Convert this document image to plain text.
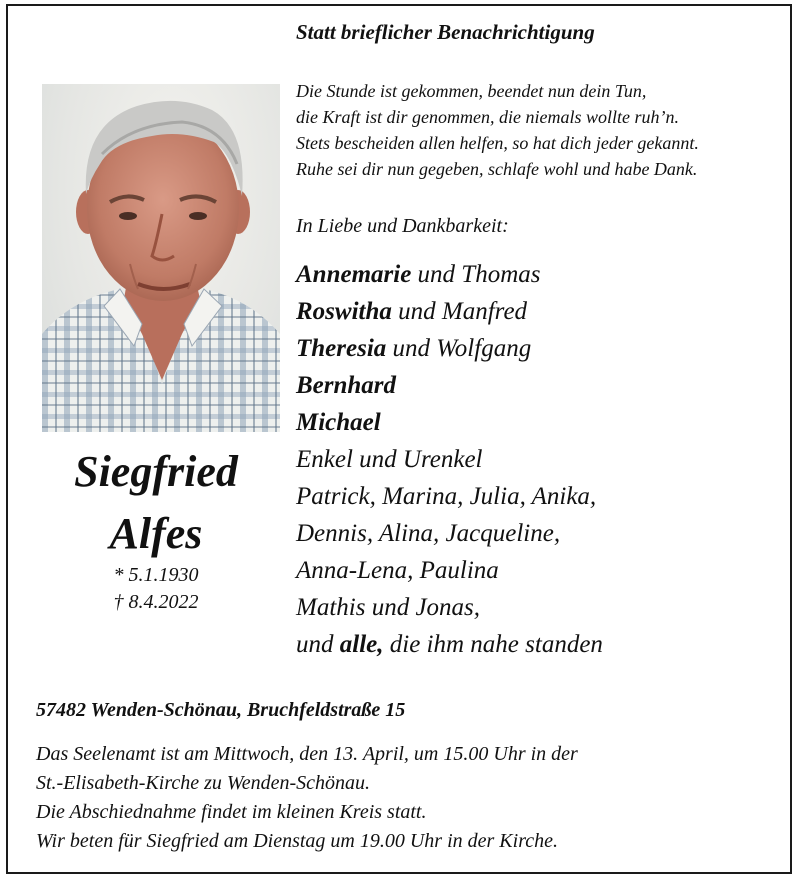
Statt brieflicher Benachrichtigung
Die Stunde ist gekommen, beendet nun dein Tun,
die Kraft ist dir genommen, die niemals wollte ruh’n.
Stets bescheiden allen helfen, so hat dich jeder gekannt.
Ruhe sei dir nun gegeben, schlafe wohl und habe Dank.
In Liebe und Dankbarkeit:
Annemarie und Thomas
Roswitha und Manfred
Theresia und Wolfgang
Bernhard
Michael
Enkel und Urenkel
Patrick, Marina, Julia, Anika,
Dennis, Alina, Jacqueline,
Anna-Lena, Paulina
Mathis und Jonas,
und alle, die ihm nahe standen
Siegfried
Alfes
* 5.1.1930
† 8.4.2022
57482 Wenden-Schönau, Bruchfeldstraße 15
Das Seelenamt ist am Mittwoch, den 13. April, um 15.00 Uhr in der
St.-Elisabeth-Kirche zu Wenden-Schönau.
Die Abschiednahme findet im kleinen Kreis statt.
Wir beten für Siegfried am Dienstag um 19.00 Uhr in der Kirche.
